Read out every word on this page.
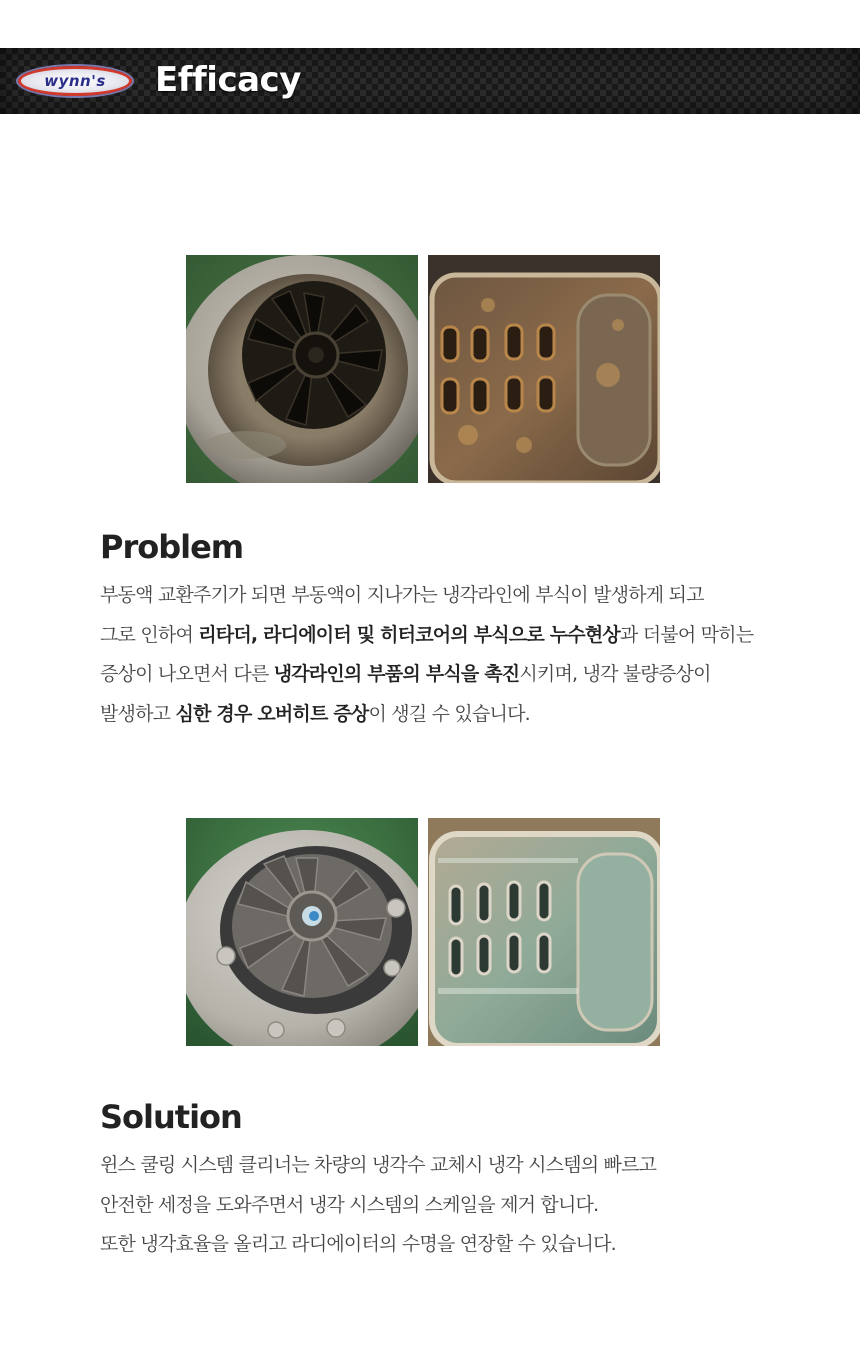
wynn's Efficacy
Problem
부동액 교환주기가 되면 부동액이 지나가는 냉각라인에 부식이 발생하게 되고
그로 인하여 리타더, 라디에이터 및 히터코어의 부식으로 누수현상과 더불어 막히는
증상이 나오면서 다른 냉각라인의 부품의 부식을 촉진시키며, 냉각 불량증상이
발생하고 심한 경우 오버히트 증상이 생길 수 있습니다.
Solution
윈스 쿨링 시스템 클리너는 차량의 냉각수 교체시 냉각 시스템의 빠르고
안전한 세정을 도와주면서 냉각 시스템의 스케일을 제거 합니다.
또한 냉각효율을 올리고 라디에이터의 수명을 연장할 수 있습니다.
